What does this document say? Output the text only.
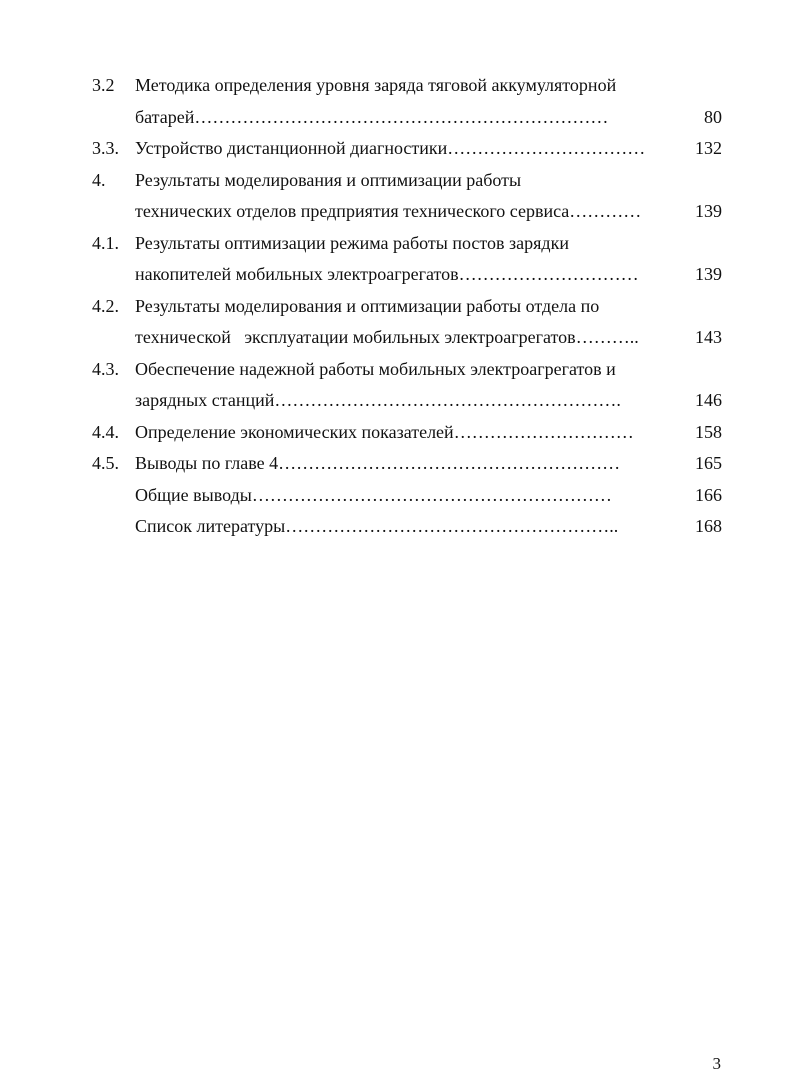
3.2	Методика определения уровня заряда тяговой аккумуляторной
батарей ……………………………………………………………	80
3.3. Устройство дистанционной диагностики ……………………………	132
4.	Результаты моделирования и оптимизации работы
технических отделов предприятия технического сервиса …………	139
4.1. Результаты оптимизации режима работы постов зарядки
накопителей мобильных электроагрегатов …………………………	139
4.2. Результаты моделирования и оптимизации работы отдела по
технической   эксплуатации мобильных электроагрегатов ………..	143
4.3. Обеспечение надежной работы мобильных электроагрегатов и
зарядных станций ………………………………………………….	146
4.4. Определение экономических показателей …………………………	158
4.5. Выводы по главе 4 …………………………………………………	165
Общие выводы ……………………………………………………	166
Список литературы ………………………………………………..	168
3
